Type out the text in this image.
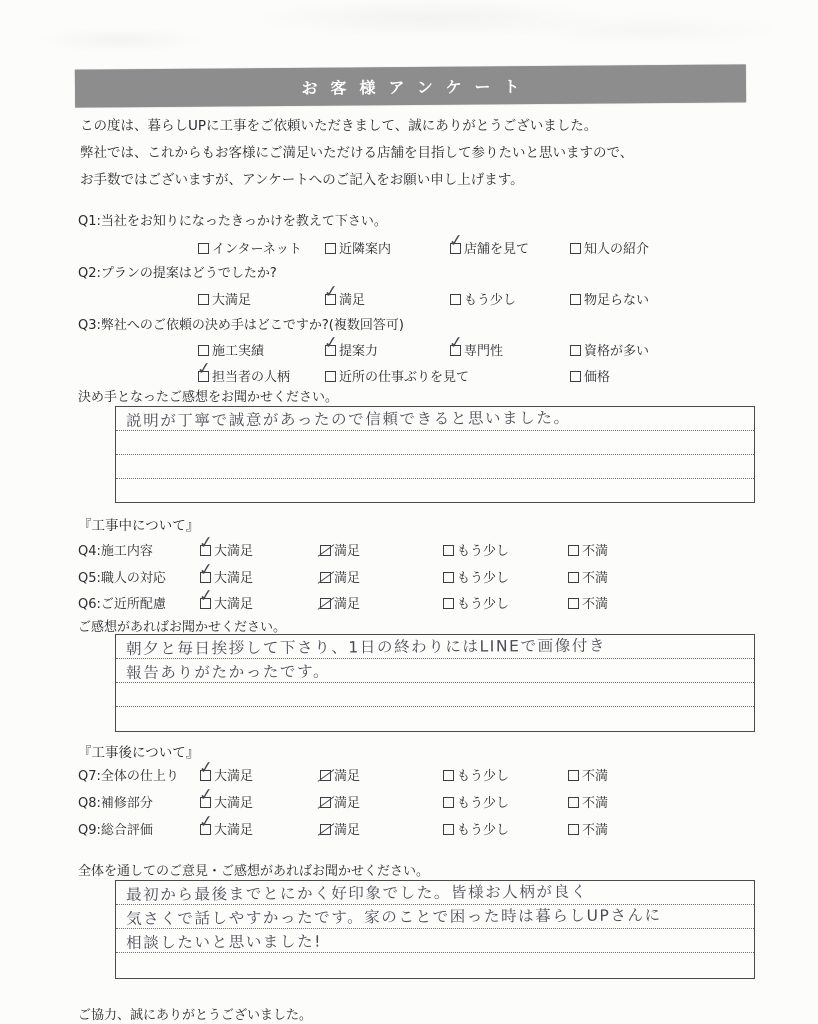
お客様アンケート
この度は、暮らしUPに工事をご依頼いただきまして、誠にありがとうございました。
弊社では、これからもお客様にご満足いただける店舗を目指して参りたいと思いますので、
お手数ではございますが、アンケートへのご記入をお願い申し上げます。
Q1:当社をお知りになったきっかけを教えて下さい。
インターネット	近隣案内	✓ 店舗を見て	知人の紹介
Q2:プランの提案はどうでしたか?
大満足	✓ 満足	もう少し	物足らない
Q3:弊社へのご依頼の決め手はどこですか?(複数回答可)
施工実績	✓ 提案力	✓ 専門性	資格が多い
✓ 担当者の人柄	近所の仕事ぶりを見て	価格
決め手となったご感想をお聞かせください。
説明が丁寧で誠意があったので信頼できると思いました。
『工事中について』
Q4:施工内容	✓ 大満足	満足	もう少し	不満
Q5:職人の対応 ✓ 大満足	満足	もう少し	不満
Q6:ご近所配慮 ✓ 大満足	満足	もう少し	不満
ご感想があればお聞かせください。
朝夕と毎日挨拶して下さり、1日の終わりにはLINEで画像付き
報告ありがたかったです。
『工事後について』
Q7:全体の仕上り ✓ 大満足	満足	もう少し	不満
Q8:補修部分	✓ 大満足	満足	もう少し	不満
Q9:総合評価	✓ 大満足	満足	もう少し	不満
全体を通してのご意見・ご感想があればお聞かせください。
最初から最後までとにかく好印象でした。皆様お人柄が良く
気さくで話しやすかったです。家のことで困った時は暮らしUPさんに
相談したいと思いました!
ご協力、誠にありがとうございました。
